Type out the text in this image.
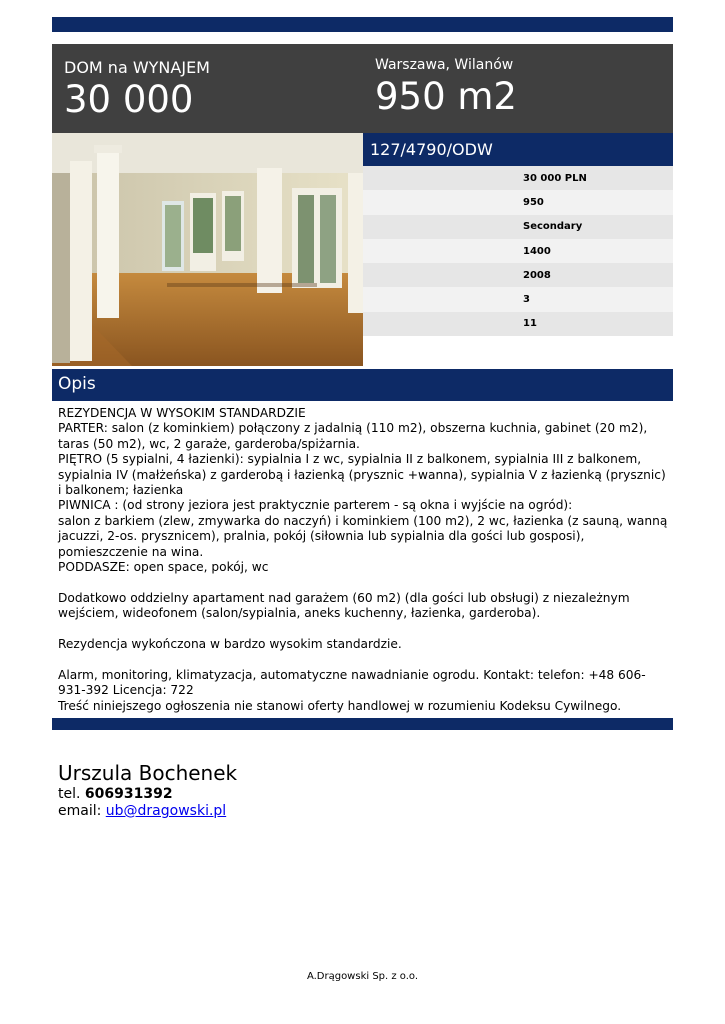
DOM na WYNAJEM
30 000
Warszawa, Wilanów
950 m2
127/4790/ODW
30 000 PLN
950
Secondary
1400
2008
3
11
Opis

REZYDENCJA W WYSOKIM STANDARDZIE

PARTER: salon (z kominkiem) połączony z jadalnią (110 m2), obszerna kuchnia, gabinet (20 m2), taras (50 m2), wc, 2 garaże, garderoba/spiżarnia.

PIĘTRO (5 sypialni, 4 łazienki): sypialnia I z wc, sypialnia II z balkonem, sypialnia III z balkonem, sypialnia IV (małżeńska) z garderobą i łazienką (prysznic +wanna), sypialnia V z łazienką (prysznic) i balkonem; łazienka

PIWNICA : (od strony jeziora jest praktycznie parterem - są okna i wyjście na ogród):

salon z barkiem (zlew, zmywarka do naczyń) i kominkiem (100 m2), 2 wc, łazienka (z sauną, wanną jacuzzi, 2-os. prysznicem), pralnia, pokój (siłownia lub sypialnia dla gości lub gosposi), pomieszczenie na wina.

PODDASZE: open space, pokój, wc

Dodatkowo oddzielny apartament nad garażem (60 m2) (dla gości lub obsługi) z niezależnym wejściem, wideofonem (salon/sypialnia, aneks kuchenny, łazienka, garderoba).

Rezydencja wykończona w bardzo wysokim standardzie.

Alarm, monitoring, klimatyzacja, automatyczne nawadnianie ogrodu. Kontakt: telefon: +48 606-931-392 Licencja: 722

Treść niniejszego ogłoszenia nie stanowi oferty handlowej w rozumieniu Kodeksu Cywilnego.

Urszula Bochenek
tel. 606931392
email: ub@dragowski.pl
A.Drągowski Sp. z o.o.
